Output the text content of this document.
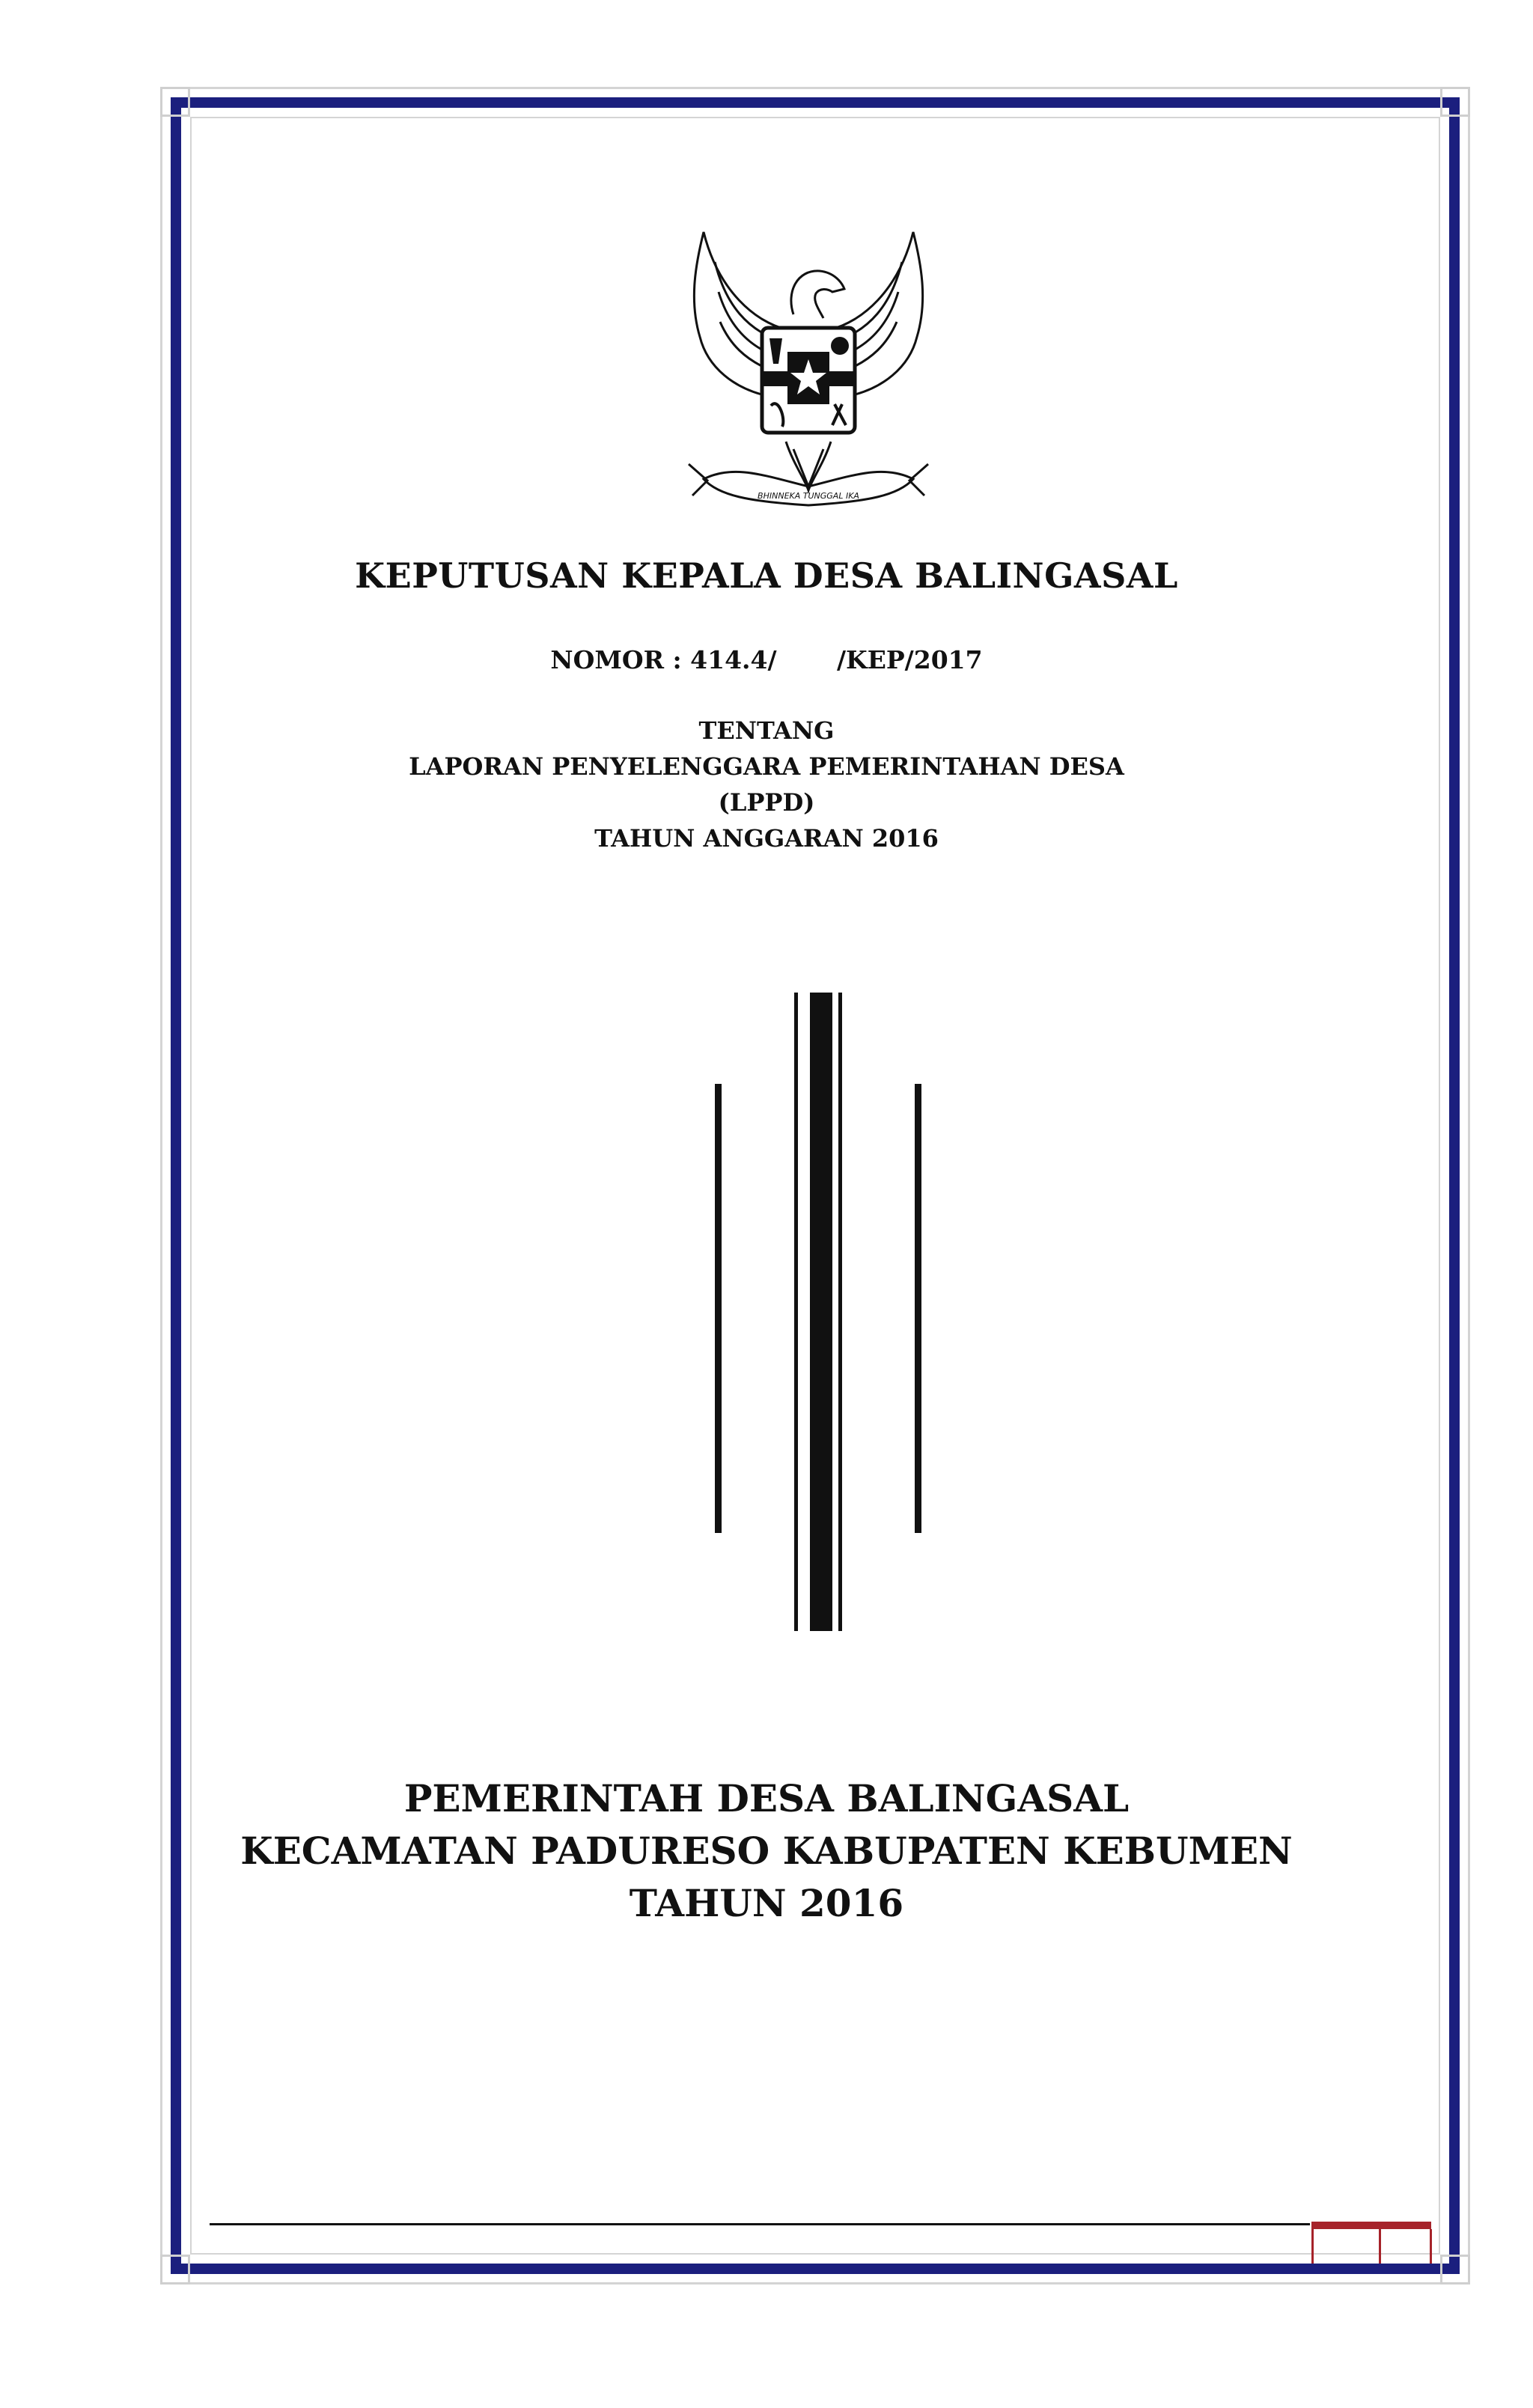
BHINNEKA TUNGGAL IKA
KEPUTUSAN KEPALA DESA BALINGASAL
NOMOR : 414.4/       /KEP/2017
TENTANG
LAPORAN PENYELENGGARA PEMERINTAHAN DESA
(LPPD)
TAHUN ANGGARAN 2016
PEMERINTAH DESA BALINGASAL
KECAMATAN PADURESO KABUPATEN KEBUMEN
TAHUN 2016
